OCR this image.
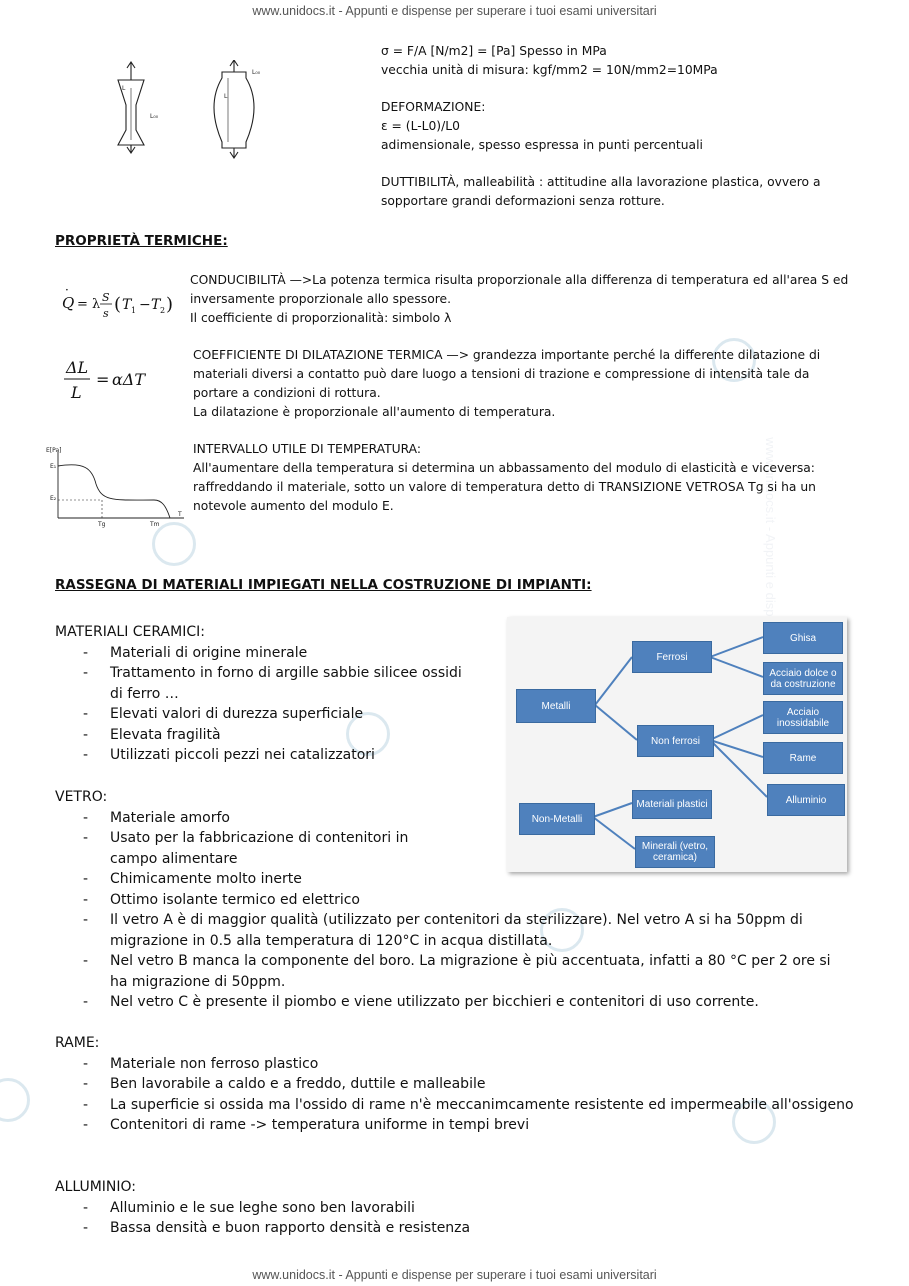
www.unidocs.it - Appunti e dispense per superare i tuoi esami universitari
www.unidocs.it - Appunti e dispense per superare i tuoi esami universitari
L
L₀₀
L
L₀₀
σ = F/A [N/m2] = [Pa] Spesso in MPa
vecchia unità di misura: kgf/mm2 = 10N/mm2=10MPa
DEFORMAZIONE:
ε = (L-L0)/L0
adimensionale, spesso espressa in punti percentuali
DUTTIBILITÀ, malleabilità : attitudine alla lavorazione plastica, ovvero a sopportare grandi deformazioni senza rotture.
PROPRIETÀ TERMICHE:
Q
·
= λ S
s ( T 1 − T 2 )
CONDUCIBILITÀ —>La potenza termica risulta proporzionale alla differenza di temperatura ed all'area S ed inversamente proporzionale allo spessore.
Il coefficiente di proporzionalità: simbolo λ
ΔL
L
= αΔT
COEFFICIENTE DI DILATAZIONE TERMICA —> grandezza importante perché la differente dilatazione di materiali diversi a contatto può dare luogo a tensioni di trazione e compressione di intensità tale da portare a condizioni di rottura.
La dilatazione è proporzionale all'aumento di temperatura.
E[Pa]
E₁
E₂
Tg	Tm
T
INTERVALLO UTILE DI TEMPERATURA:
All'aumentare della temperatura si determina un abbassamento del modulo di elasticità e viceversa: raffreddando il materiale, sotto un valore di temperatura detto di TRANSIZIONE VETROSA Tg si ha un notevole aumento del modulo E.
RASSEGNA DI MATERIALI IMPIEGATI NELLA COSTRUZIONE DI IMPIANTI:
MATERIALI CERAMICI:
- Materiali di origine minerale
- Trattamento in forno di argille sabbie silicee ossidi di ferro …
- Elevati valori di durezza superficiale
- Elevata fragilità
- Utilizzati piccoli pezzi nei catalizzatori
VETRO:
- Materiale amorfo
- Usato per la fabbricazione di contenitori in campo alimentare
- Chimicamente molto inerte
- Ottimo isolante termico ed elettrico
- Il vetro A è di maggior qualità (utilizzato per contenitori da sterilizzare). Nel vetro A si ha 50ppm di migrazione in 0.5 alla temperatura di 120°C in acqua distillata.
- Nel vetro B manca la componente del boro. La migrazione è più accentuata, infatti a 80 °C per 2 ore si ha migrazione di 50ppm.
- Nel vetro C è presente il piombo e viene utilizzato per bicchieri e contenitori di uso corrente.
RAME:
- Materiale non ferroso plastico
- Ben lavorabile a caldo e a freddo, duttile e malleabile
- La superficie si ossida ma l'ossido di rame n'è meccanimcamente resistente ed impermeabile all'ossigeno
- Contenitori di rame -> temperatura uniforme in tempi brevi
ALLUMINIO:
- Alluminio e le sue leghe sono ben lavorabili
- Bassa densità e buon rapporto densità e resistenza
Metalli
Non-Metalli
Ferrosi
Non ferrosi
Materiali plastici
Minerali (vetro, ceramica)
Ghisa
Acciaio dolce o da costruzione
Acciaio inossidabile
Rame
Alluminio
